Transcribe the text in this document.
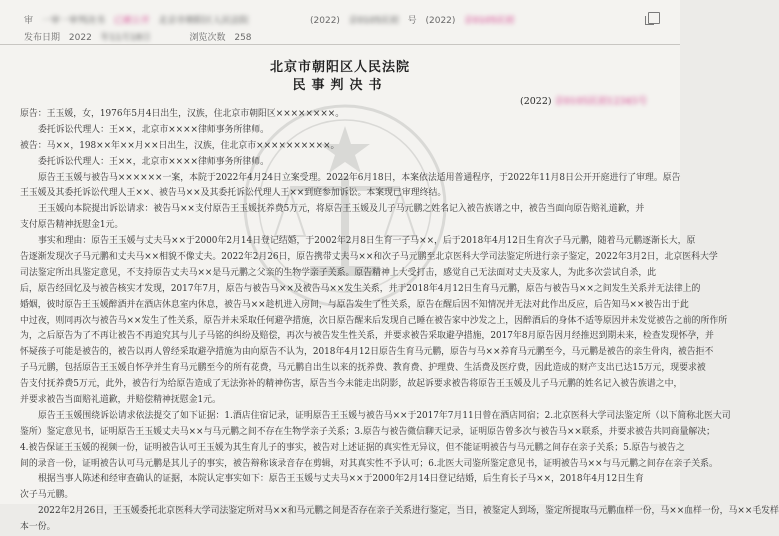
审 一审一审判决书 已被公开 北京市朝阳区人民法院	(2022) 京0105民初 号 (2022) 京0105民初
发布日期 2022 年11月18日	浏览次数 258
北京市朝阳区人民法院
民事判决书
(2022) 京0105民初12345号
原告：王玉媛，女，1976年5月4日出生，汉族，住北京市朝阳区××××××××。
委托诉讼代理人：王××，北京市××××律师事务所律师。
被告：马××，198××年××月××日出生，汉族，住北京市××××××××××。
委托诉讼代理人：王××，北京市××××律师事务所律师。
原告王玉媛与被告马××××××一案，本院于2022年4月24日立案受理。2022年6月18日，本案依法适用普通程序，于2022年11月8日公开开庭进行了审理。原告
王玉媛及其委托诉讼代理人王××、被告马××及其委托诉讼代理人王××到庭参加诉讼。本案现已审理终结。
王玉媛向本院提出诉讼请求：被告马××支付原告王玉媛抚养费5万元，将原告王玉媛及儿子马元鹏之姓名记入被告族谱之中，被告当面向原告赔礼道歉，并
支付原告精神抚慰金1元。
事实和理由：原告王玉媛与丈夫马××于2000年2月14日登记结婚，于2002年2月8日生育一子马××，后于2018年4月12日生育次子马元鹏，随着马元鹏逐渐长大，原
告逐渐发现次子马元鹏和丈夫马××相貌不像丈夫。2022年2月26日，原告携带丈夫马××和次子马元鹏至北京医科大学司法鉴定所进行亲子鉴定，2022年3月2日，北京医科大学
司法鉴定所出具鉴定意见，不支持原告丈夫马××是马元鹏之父亲的生物学亲子关系。原告精神上大受打击，感觉自己无法面对丈夫及家人，为此多次尝试自杀，此
后，原告经回忆及与被告核实才发现，2017年7月，原告与被告马××及被告马××发生关系，并于2018年4月12日生育马元鹏，原告与被告马××之间发生关系并无法律上的
婚姻，彼时原告王玉媛醉酒并在酒店休息室内休息，被告马××趁机进入房间，与原告发生了性关系，原告在醒后因不知情况并无法对此作出反应，后告知马××被告出于此
中过夜，则同再次与被告马××发生了性关系，原告并未采取任何避孕措施，次日原告醒来后发现自己睡在被告家中沙发之上，因醉酒后的身体不适等原因并未发觉被告之前的所作所
为，之后原告为了不再让被告不再追究其与儿子马铭的纠纷及赔偿，再次与被告发生性关系，并要求被告采取避孕措施，2017年8月原告因月经推迟到期未来，检查发现怀孕，并
怀疑孩子可能是被告的，被告以再人曾经采取避孕措施为由向原告不认为，2018年4月12日原告生育马元鹏，原告与马××养育马元鹏至今，马元鹏是被告的亲生骨肉，被告拒不
子马元鹏，包括原告王玉媛自怀孕并生育马元鹏至今的所有花费，马元鹏自出生以来的抚养费、教育费、护理费、生活费及医疗费，因此造成的财产支出已达15万元，现要求被
告支付抚养费5万元，此外，被告行为给原告造成了无法弥补的精神伤害，原告当今未能走出阴影，故起诉要求被告将原告王玉媛及儿子马元鹏的姓名记入被告族谱之中，
并要求被告当面赔礼道歉，并赔偿精神抚慰金1元。
原告王玉媛围绕诉讼请求依法提交了如下证据：1.酒店住宿记录，证明原告王玉媛与被告马××于2017年7月11日曾在酒店同宿；2.北京医科大学司法鉴定所（以下简称北医大司
鉴所）鉴定意见书，证明原告王玉媛丈夫马××与马元鹏之间不存在生物学亲子关系；3.原告与被告微信聊天记录，证明原告曾多次与被告马××联系，并要求被告共同商量解决；
4.被告保证王玉媛的视频一份，证明被告认可王玉媛为其生育儿子的事实，被告对上述证据的真实性无异议，但不能证明被告与马元鹏之间存在亲子关系；5.原告与被告之
间的录音一份，证明被告认可马元鹏是其儿子的事实，被告辩称该录音存在剪辑，对其真实性不予认可；6.北医大司鉴所鉴定意见书，证明被告马××与马元鹏之间存在亲子关系。
根据当事人陈述和经审查确认的证据，本院认定事实如下：原告王玉媛与丈夫马××于2000年2月14日登记结婚，后生育长子马××，2018年4月12日生育
次子马元鹏。
2022年2月26日，王玉媛委托北京医科大学司法鉴定所对马××和马元鹏之间是否存在亲子关系进行鉴定，当日，被鉴定人到场，鉴定所提取马元鹏血样一份，马××血样一份，马××毛发样
本一份。
